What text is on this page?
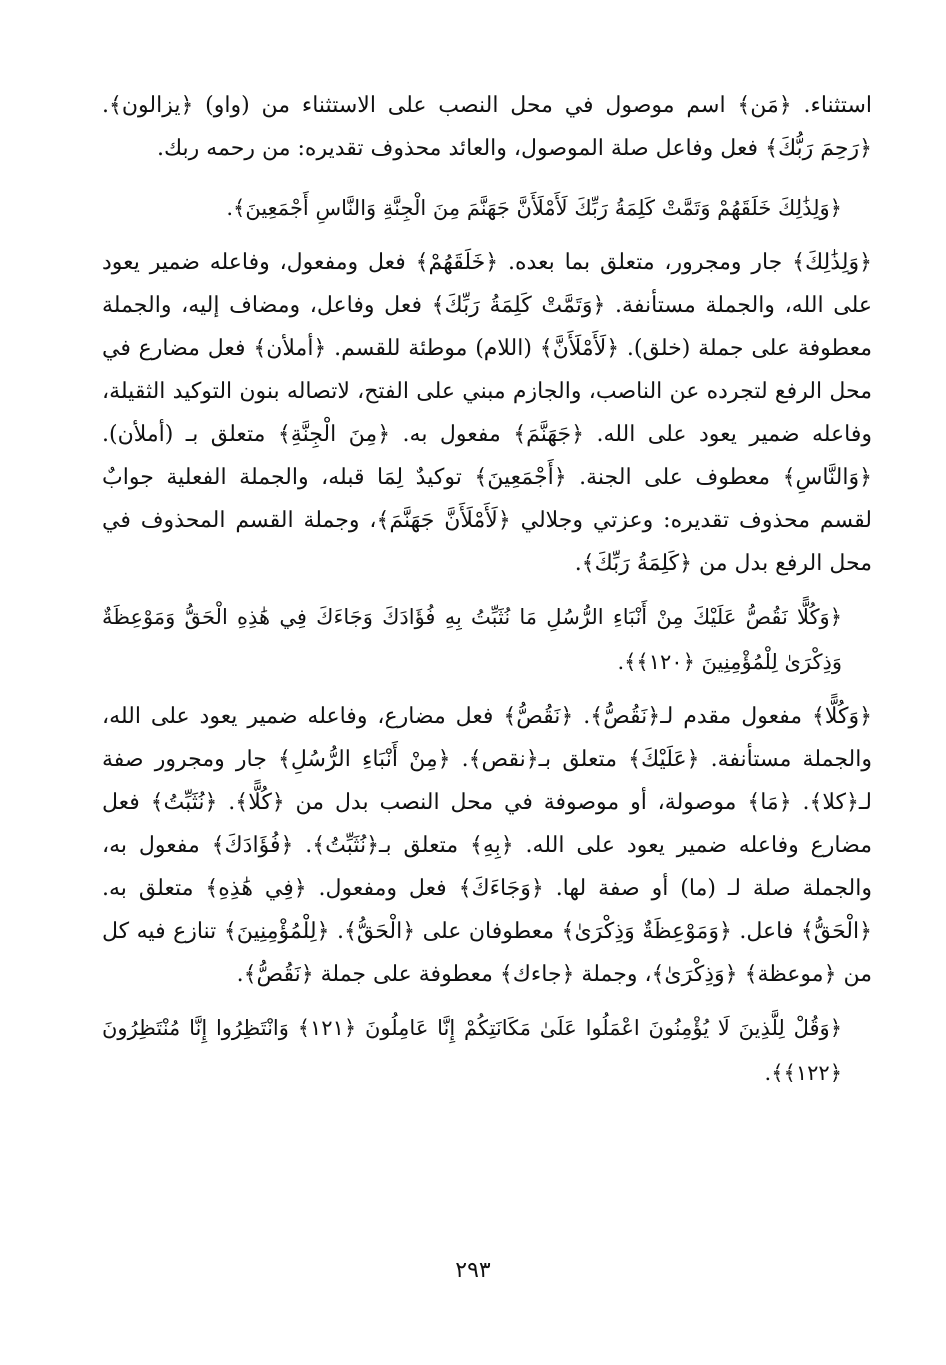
استثناء. ﴿مَن﴾ اسم موصول في محل النصب على الاستثناء من (واو) ﴿يزالون﴾. ﴿رَحِمَ رَبُّكَ﴾ فعل وفاعل صلة الموصول، والعائد محذوف تقديره: من رحمه ربك.

﴿وَلِذَٰلِكَ خَلَقَهُمْ وَتَمَّتْ كَلِمَةُ رَبِّكَ لَأَمْلَأَنَّ جَهَنَّمَ مِنَ الْجِنَّةِ وَالنَّاسِ أَجْمَعِينَ﴾.

﴿وَلِذَٰلِكَ﴾ جار ومجرور، متعلق بما بعده. ﴿خَلَقَهُمْ﴾ فعل ومفعول، وفاعله ضمير يعود على الله، والجملة مستأنفة. ﴿وَتَمَّتْ كَلِمَةُ رَبِّكَ﴾ فعل وفاعل، ومضاف إليه، والجملة معطوفة على جملة (خلق). ﴿لَأَمْلَأَنَّ﴾ (اللام) موطئة للقسم. ﴿أملأن﴾ فعل مضارع في محل الرفع لتجرده عن الناصب، والجازم مبني على الفتح، لاتصاله بنون التوكيد الثقيلة، وفاعله ضمير يعود على الله. ﴿جَهَنَّمَ﴾ مفعول به. ﴿مِنَ الْجِنَّةِ﴾ متعلق بـ (أملأن). ﴿وَالنَّاسِ﴾ معطوف على الجنة. ﴿أَجْمَعِينَ﴾ توكيدٌ لِمَا قبله، والجملة الفعلية جوابٌ لقسم محذوف تقديره: وعزتي وجلالي ﴿لَأَمْلَأَنَّ جَهَنَّمَ﴾، وجملة القسم المحذوف في محل الرفع بدل من ﴿كَلِمَةُ رَبِّكَ﴾.

﴿وَكُلًّا نَقُصُّ عَلَيْكَ مِنْ أَنْبَاءِ الرُّسُلِ مَا نُثَبِّتُ بِهِ فُؤَادَكَ وَجَاءَكَ فِي هَٰذِهِ الْحَقُّ وَمَوْعِظَةٌ وَذِكْرَىٰ لِلْمُؤْمِنِينَ ﴿١٢٠﴾﴾.

﴿وَكُلًّا﴾ مفعول مقدم لـ﴿نَقُصُّ﴾. ﴿نَقُصُّ﴾ فعل مضارع، وفاعله ضمير يعود على الله، والجملة مستأنفة. ﴿عَلَيْكَ﴾ متعلق بـ﴿نقص﴾. ﴿مِنْ أَنْبَاءِ الرُّسُلِ﴾ جار ومجرور صفة لـ﴿كلا﴾. ﴿مَا﴾ موصولة، أو موصوفة في محل النصب بدل من ﴿كُلًّا﴾. ﴿نُثَبِّتُ﴾ فعل مضارع وفاعله ضمير يعود على الله. ﴿بِهِ﴾ متعلق بـ﴿نُثَبِّتُ﴾. ﴿فُؤَادَكَ﴾ مفعول به، والجملة صلة لـ (ما) أو صفة لها. ﴿وَجَاءَكَ﴾ فعل ومفعول. ﴿فِي هَٰذِهِ﴾ متعلق به. ﴿الْحَقُّ﴾ فاعل. ﴿وَمَوْعِظَةٌ وَذِكْرَىٰ﴾ معطوفان على ﴿الْحَقُّ﴾. ﴿لِلْمُؤْمِنِينَ﴾ تنازع فيه كل من ﴿موعظة﴾ ﴿وَذِكْرَىٰ﴾، وجملة ﴿جاءك﴾ معطوفة على جملة ﴿نَقُصُّ﴾.

﴿وَقُلْ لِلَّذِينَ لَا يُؤْمِنُونَ اعْمَلُوا عَلَىٰ مَكَانَتِكُمْ إِنَّا عَامِلُونَ ﴿١٢١﴾ وَانْتَظِرُوا إِنَّا مُنْتَظِرُونَ ﴿١٢٢﴾﴾.

٢٩٣
